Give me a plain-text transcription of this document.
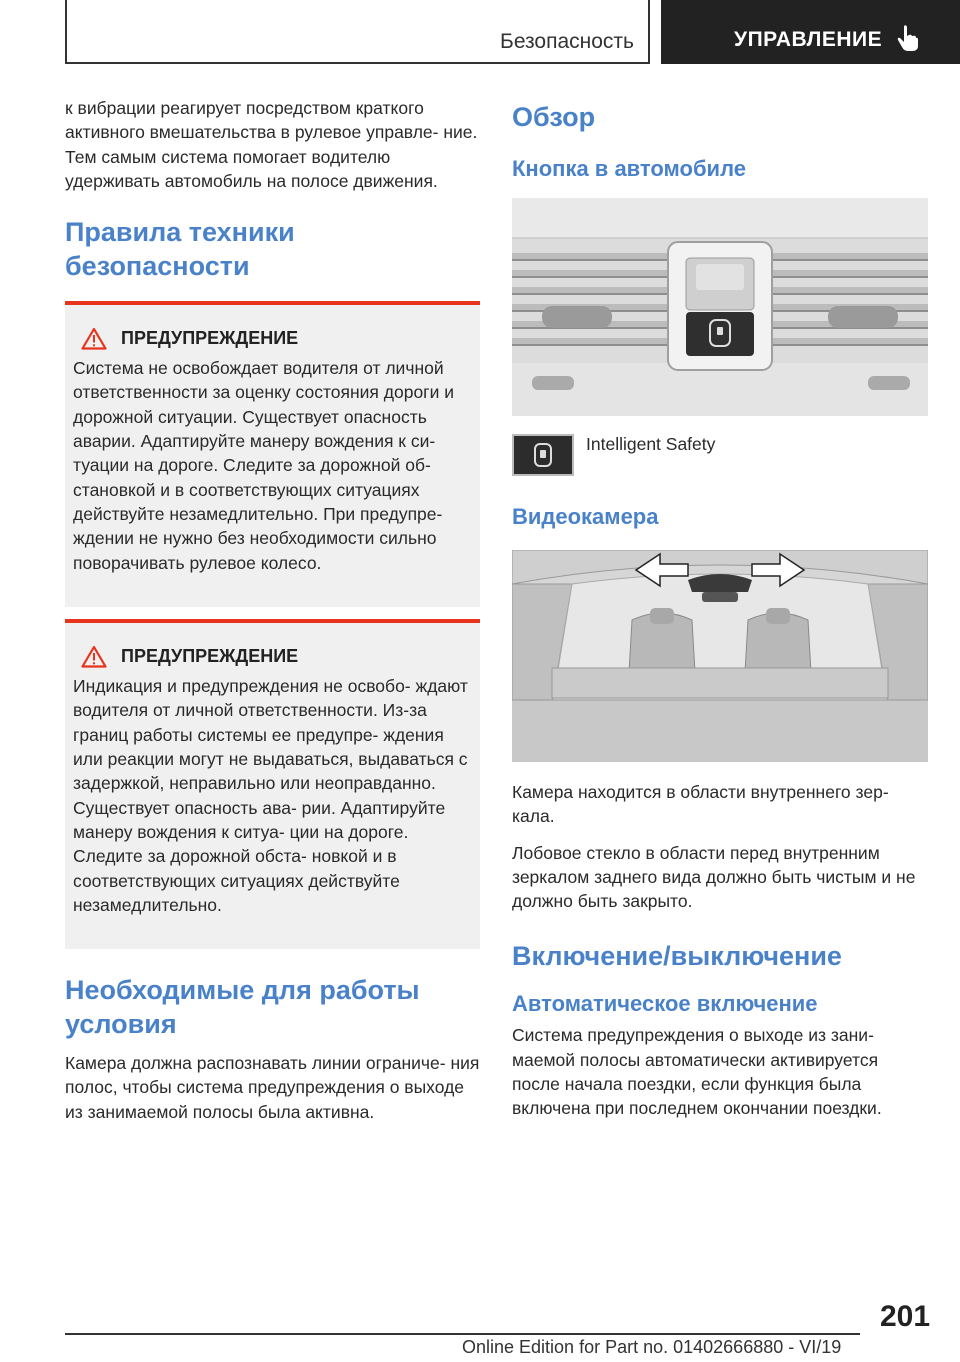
Безопасность	УПРАВЛЕНИЕ

к вибрации реагирует посредством краткого активного вмешательства в рулевое управле- ние. Тем самым система помогает водителю удерживать автомобиль на полосе движения.

Правила техники безопасности
ПРЕДУПРЕЖДЕНИЕ

Система не освобождает водителя от личной ответственности за оценку состояния дороги и дорожной ситуации. Существует опасность аварии. Адаптируйте манеру вождения к си- туации на дороге. Следите за дорожной об- становкой и в соответствующих ситуациях действуйте незамедлительно. При предупре- ждении не нужно без необходимости сильно поворачивать рулевое колесо.

ПРЕДУПРЕЖДЕНИЕ

Индикация и предупреждения не освобо- ждают водителя от личной ответственности. Из-за границ работы системы ее предупре- ждения или реакции могут не выдаваться, выдаваться с задержкой, неправильно или неоправданно. Существует опасность ава- рии. Адаптируйте манеру вождения к ситуа- ции на дороге. Следите за дорожной обста- новкой и в соответствующих ситуациях действуйте незамедлительно.

Необходимые для работы условия

Камера должна распознавать линии ограниче- ния полос, чтобы система предупреждения о выходе из занимаемой полосы была активна.

Обзор
Кнопка в автомобиле
Intelligent Safety
Видеокамера

Камера находится в области внутреннего зер- кала.

Лобовое стекло в области перед внутренним зеркалом заднего вида должно быть чистым и не должно быть закрыто.

Включение/выключение
Автоматическое включение

Система предупреждения о выходе из зани- маемой полосы автоматически активируется после начала поездки, если функция была включена при последнем окончании поездки.

201
Online Edition for Part no. 01402666880 - VI/19
